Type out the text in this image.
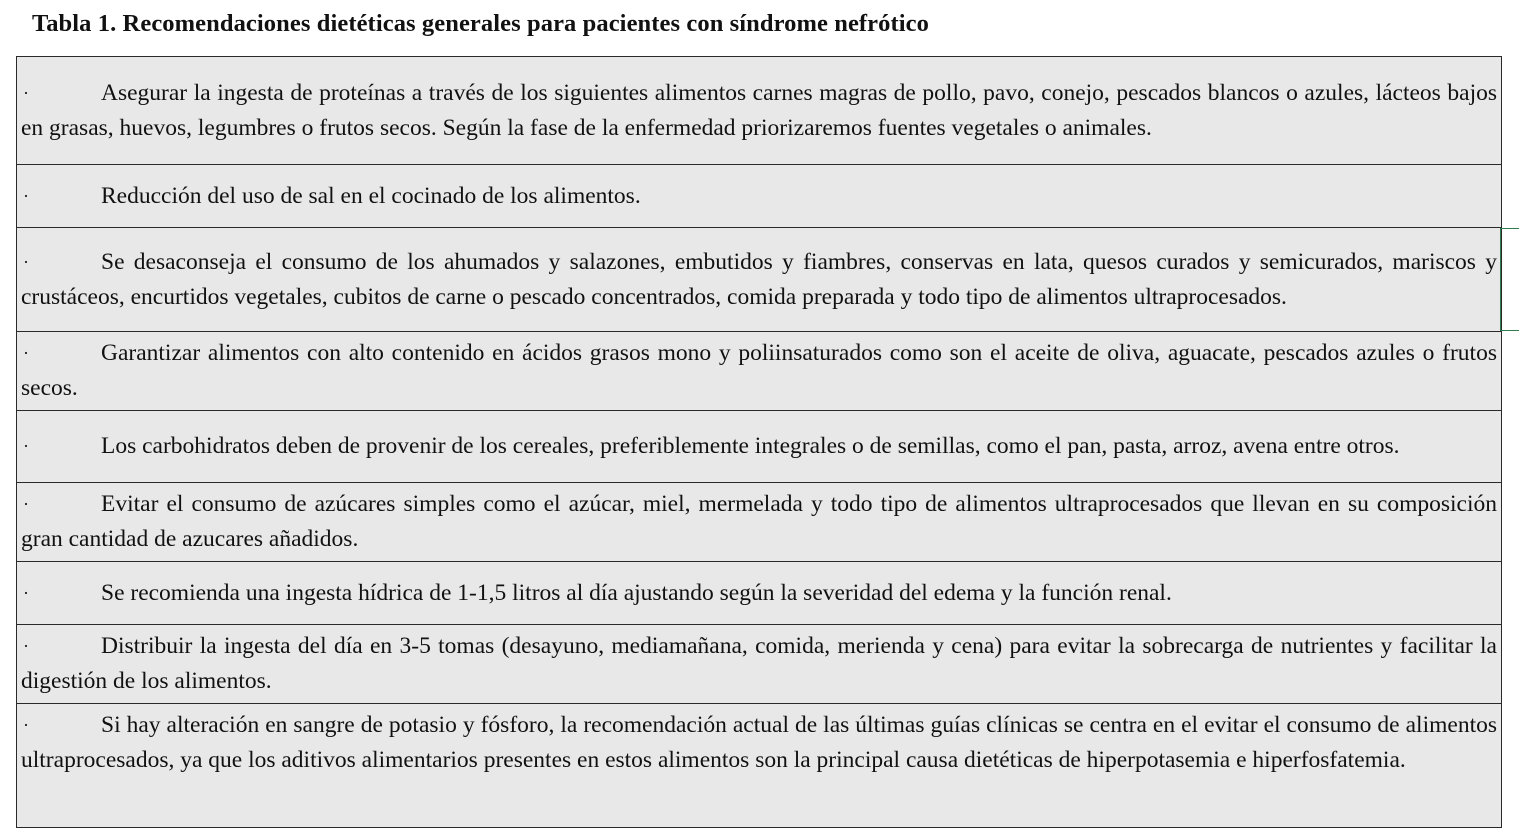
Tabla 1. Recomendaciones dietéticas generales para pacientes con síndrome nefrótico
·	Asegurar la ingesta de proteínas a través de los siguientes alimentos carnes magras de pollo, pavo, conejo, pescados blancos o azules, lácteos bajos en grasas, huevos, legumbres o frutos secos. Según la fase de la enfermedad priorizaremos fuentes vegetales o animales.
·	Reducción del uso de sal en el cocinado de los alimentos.
·	Se desaconseja el consumo de los ahumados y salazones, embutidos y fiambres, conservas en lata, quesos curados y semicurados, mariscos y crustáceos, encurtidos vegetales, cubitos de carne o pescado concentrados, comida preparada y todo tipo de alimentos ultraprocesados.
·	Garantizar alimentos con alto contenido en ácidos grasos mono y poliinsaturados como son el aceite de oliva, aguacate, pescados azules o frutos secos.
·	Los carbohidratos deben de provenir de los cereales, preferiblemente integrales o de semillas, como el pan, pasta, arroz, avena entre otros.
·	Evitar el consumo de azúcares simples como el azúcar, miel, mermelada y todo tipo de alimentos ultraprocesados que llevan en su composición gran cantidad de azucares añadidos.
·	Se recomienda una ingesta hídrica de 1-1,5 litros al día ajustando según la severidad del edema y la función renal.
·	Distribuir la ingesta del día en 3-5 tomas (desayuno, mediamañana, comida, merienda y cena) para evitar la sobrecarga de nutrientes y facilitar la digestión de los alimentos.
·	Si hay alteración en sangre de potasio y fósforo, la recomendación actual de las últimas guías clínicas se centra en el evitar el consumo de alimentos ultraprocesados, ya que los aditivos alimentarios presentes en estos alimentos son la principal causa dietéticas de hiperpotasemia e hiperfosfatemia.
